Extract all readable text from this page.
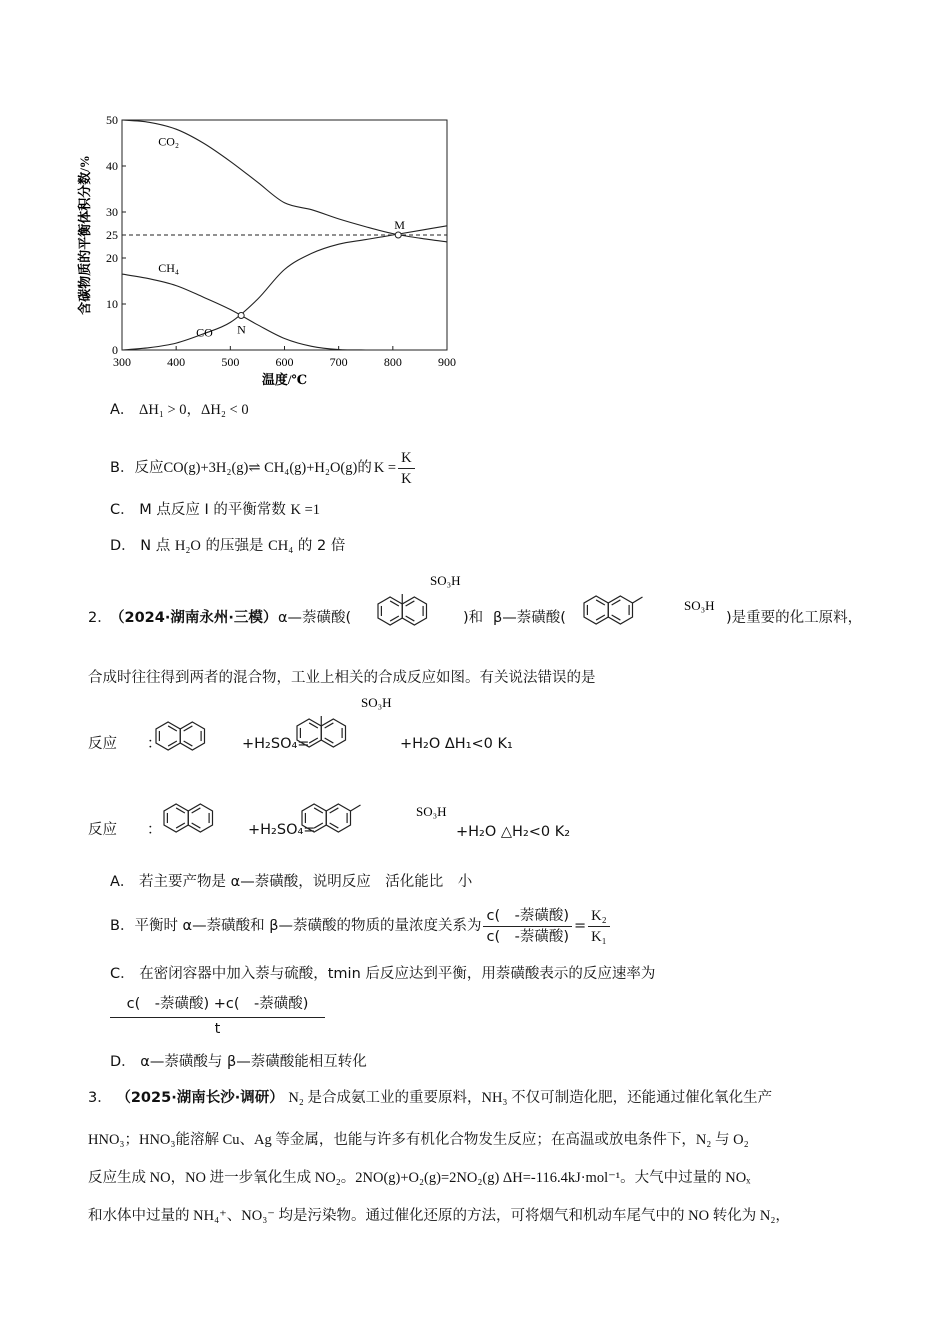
300	400	500	600	700	800	900
0
10
20
25
30
40
50
温度/℃
含碳物质的平衡体积分数/%
CO₂
CH₄
CO
M
N
A． ΔH₁ > 0，ΔH₂ < 0
B． 反应 CO(g)+3H₂(g)⇌ CH₄(g)+H₂O(g) 的 $K = \frac{K}{K}$
C． M 点反应 I 的平衡常数 K =1
D． N 点 H₂O 的压强是 CH₄ 的 2 倍
2．
（2024·湖南永州·三模） α—萘磺酸(	)和 β—萘磺酸(	)是重要的化工原料，
SO₃H
SO₃H
合成时往往得到两者的混合物，工业上相关的合成反应如图。有关说法错误的是
反应 ：	+H₂SO₄=
SO₃H
+H₂O ΔH₁<0 K₁
反应 ：	+H₂SO₄=
SO₃H
+H₂O △H₂<0 K₂
A． 若主要产物是 α—萘磺酸，说明反应　活化能比　小
B． 平衡时 α—萘磺酸和 β—萘磺酸的物质的量浓度关系为 $\frac{\text{c(　-萘磺酸)}}{\text{c(　-萘磺酸)}} = \frac{\text{K₂}}{\text{K₁}}$
C． 在密闭容器中加入萘与硫酸，tmin 后反应达到平衡，用萘磺酸表示的反应速率为
c(　-萘磺酸) +c(　-萘磺酸)
t
D． α—萘磺酸与 β—萘磺酸能相互转化
3． （2025·湖南长沙·调研） N₂ 是合成氨工业的重要原料，NH₃ 不仅可制造化肥，还能通过催化氧化生产
HNO₃；HNO₃能溶解 Cu、Ag 等金属，也能与许多有机化合物发生反应；在高温或放电条件下，N₂ 与 O₂
反应生成 NO，NO 进一步氧化生成 NO₂。2NO(g)+O₂(g)=2NO₂(g) ΔH=-116.4kJ·mol⁻¹。大气中过量的 NOₓ
和水体中过量的 NH₄⁺、NO₃⁻ 均是污染物。通过催化还原的方法，可将烟气和机动车尾气中的 NO 转化为 N₂，
